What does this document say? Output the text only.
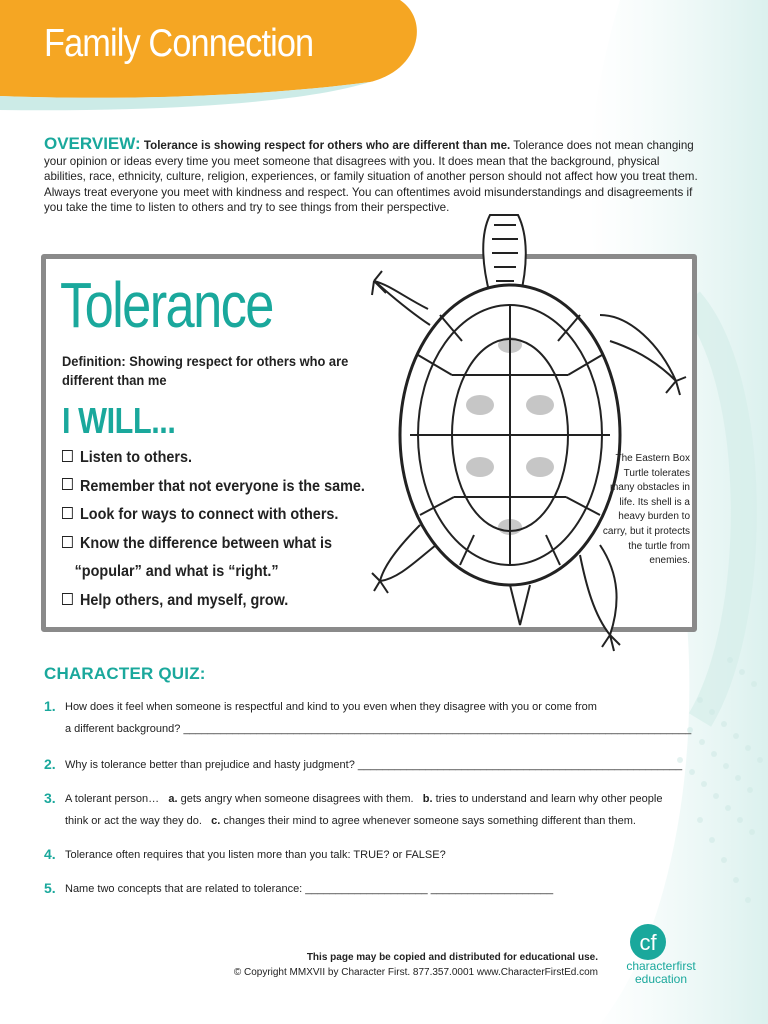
Family Connection
OVERVIEW: Tolerance is showing respect for others who are different than me. Tolerance does not mean changing your opinion or ideas every time you meet someone that disagrees with you. It does mean that the background, physical abilities, race, ethnicity, culture, religion, experiences, or family situation of another person should not affect how you treat them. Always treat everyone you meet with kindness and respect. You can oftentimes avoid misunderstandings and disagreements if you take the time to listen to others and try to see things from their perspective.
Tolerance
Definition: Showing respect for others who are different than me
I WILL...
Listen to others.
Remember that not everyone is the same.
Look for ways to connect with others.
Know the difference between what is
“popular” and what is “right.”
Help others, and myself, grow.
The Eastern Box Turtle tolerates many obstacles in life. Its shell is a heavy burden to carry, but it protects the turtle from enemies.
CHARACTER QUIZ:
1. How does it feel when someone is respectful and kind to you even when they disagree with you or come from
a different background? ___________________________________________________________________________________
2. Why is tolerance better than prejudice and hasty judgment? _____________________________________________________
3. A tolerant person… a. gets angry when someone disagrees with them. b. tries to understand and learn why other people
think or act the way they do. c. changes their mind to agree whenever someone says something different than them.
4. Tolerance often requires that you listen more than you talk: TRUE? or FALSE?
5. Name two concepts that are related to tolerance: ____________________ ____________________
This page may be copied and distributed for educational use.
© Copyright MMXVII by Character First. 877.357.0001 www.CharacterFirstEd.com
cf
characterfirst
education
